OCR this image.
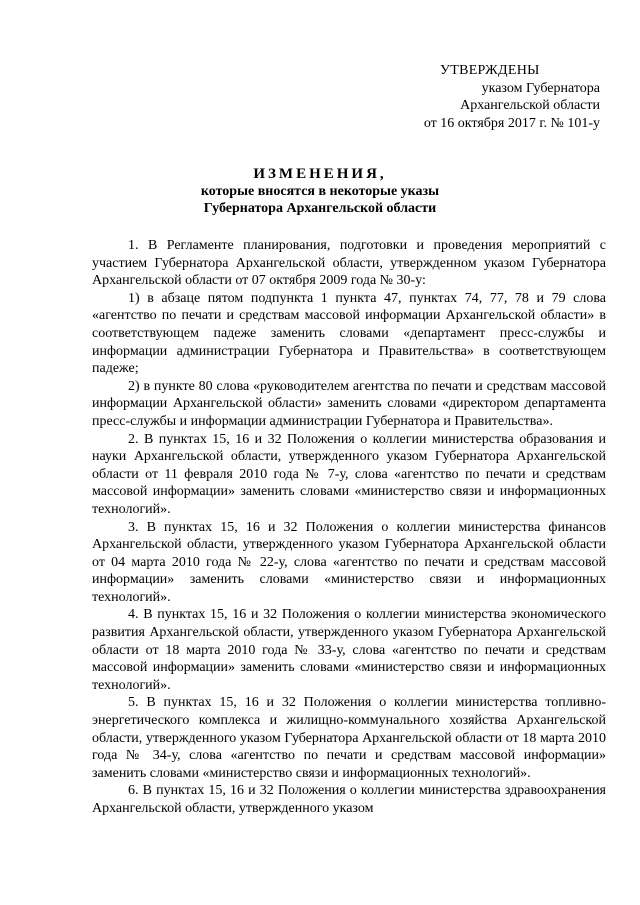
УТВЕРЖДЕНЫ
указом Губернатора
Архангельской области
от 16 октября 2017 г. № 101-у
ИЗМЕНЕНИЯ,
которые вносятся в некоторые указы
Губернатора Архангельской области

1. В Регламенте планирования, подготовки и проведения мероприятий с участием Губернатора Архангельской области, утвержденном указом Губернатора Архангельской области от 07 октября 2009 года № 30-у:

1) в абзаце пятом подпункта 1 пункта 47, пунктах 74, 77, 78 и 79 слова «агентство по печати и средствам массовой информации Архангельской области» в соответствующем падеже заменить словами «департамент пресс-службы и информации администрации Губернатора и Правительства» в соответствующем падеже;

2) в пункте 80 слова «руководителем агентства по печати и средствам массовой информации Архангельской области» заменить словами «директором департамента пресс-службы и информации администрации Губернатора и Правительства».

2. В пунктах 15, 16 и 32 Положения о коллегии министерства образования и науки Архангельской области, утвержденного указом Губернатора Архангельской области от 11 февраля 2010 года № 7-у, слова «агентство по печати и средствам массовой информации» заменить словами «министерство связи и информационных технологий».

3. В пунктах 15, 16 и 32 Положения о коллегии министерства финансов Архангельской области, утвержденного указом Губернатора Архангельской области от 04 марта 2010 года № 22-у, слова «агентство по печати и средствам массовой информации» заменить словами «министерство связи и информационных технологий».

4. В пунктах 15, 16 и 32 Положения о коллегии министерства экономического развития Архангельской области, утвержденного указом Губернатора Архангельской области от 18 марта 2010 года № 33-у, слова «агентство по печати и средствам массовой информации» заменить словами «министерство связи и информационных технологий».

5. В пунктах 15, 16 и 32 Положения о коллегии министерства топливно-энергетического комплекса и жилищно-коммунального хозяйства Архангельской области, утвержденного указом Губернатора Архангельской области от 18 марта 2010 года № 34-у, слова «агентство по печати и средствам массовой информации» заменить словами «министерство связи и информационных технологий».

6. В пунктах 15, 16 и 32 Положения о коллегии министерства здравоохранения Архангельской области, утвержденного указом
